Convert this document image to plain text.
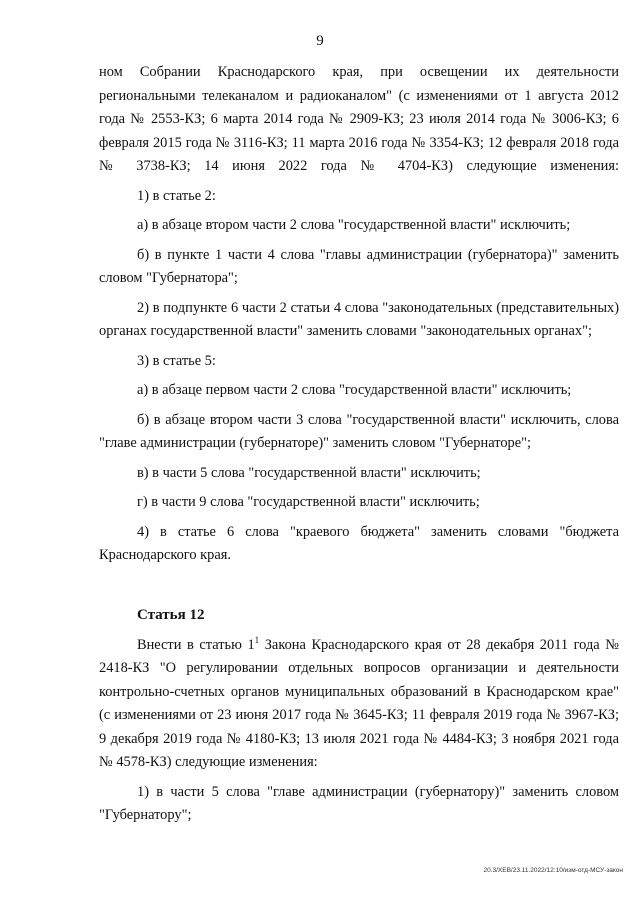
9

ном Собрании Краснодарского края, при освещении их деятельности региональными телеканалом и радиоканалом" (с изменениями от 1 августа 2012 года № 2553-КЗ; 6 марта 2014 года № 2909-КЗ; 23 июля 2014 года № 3006-КЗ; 6 февраля 2015 года № 3116-КЗ; 11 марта 2016 года № 3354-КЗ; 12 февраля 2018 года № 3738-КЗ; 14 июня 2022 года № 4704-КЗ) следующие изменения:

1) в статье 2:

а) в абзаце втором части 2 слова "государственной власти" исключить;

б) в пункте 1 части 4 слова "главы администрации (губернатора)" заменить словом "Губернатора";

2) в подпункте 6 части 2 статьи 4 слова "законодательных (представительных) органах государственной власти" заменить словами "законодательных органах";

3) в статье 5:

а) в абзаце первом части 2 слова "государственной власти" исключить;

б) в абзаце втором части 3 слова "государственной власти" исключить, слова "главе администрации (губернаторе)" заменить словом "Губернаторе";

в) в части 5 слова "государственной власти" исключить;

г) в части 9 слова "государственной власти" исключить;

4) в статье 6 слова "краевого бюджета" заменить словами "бюджета Краснодарского края.

Статья 12

Внести в статью $1^1$ Закона Краснодарского края от 28 декабря 2011 года № 2418-КЗ "О регулировании отдельных вопросов организации и деятельности контрольно-счетных органов муниципальных образований в Краснодарском крае" (с изменениями от 23 июня 2017 года № 3645-КЗ; 11 февраля 2019 года № 3967-КЗ; 9 декабря 2019 года № 4180-КЗ; 13 июля 2021 года № 4484-КЗ; 3 ноября 2021 года № 4578-КЗ) следующие изменения:

1) в части 5 слова "главе администрации (губернатору)" заменить словом "Губернатору";

20.3/ХЕВ/23.11.2022/12:10/изм-отд-МСУ-закон
